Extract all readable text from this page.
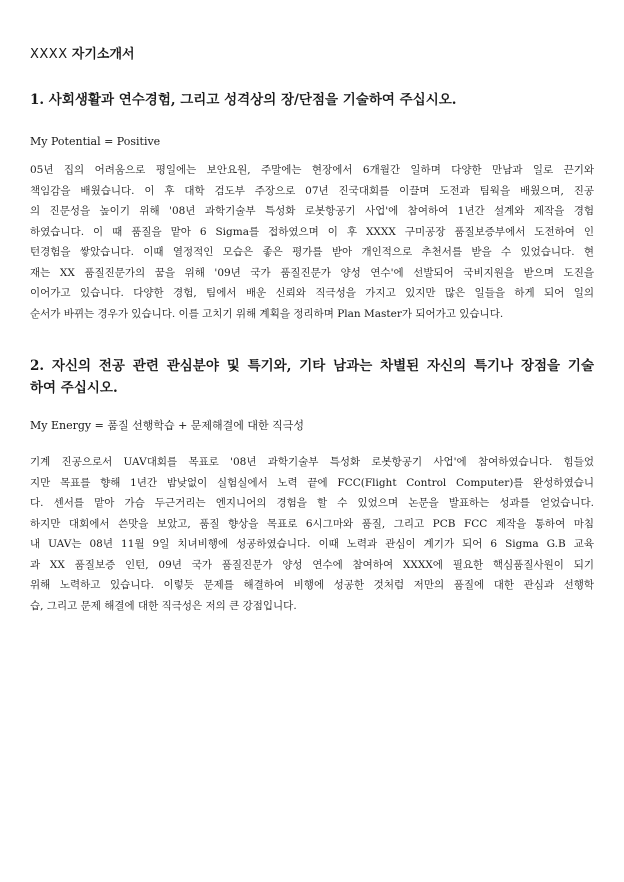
XXXX 자기소개서
1. 사회생활과 연수경험, 그리고 성격상의 장/단점을 기술하여 주십시오.
My Potential = Positive
05년 집의 어려움으로 평일에는 보안요원, 주말에는 현장에서 6개월간 일하며 다양한 만남과 일로 끈기와
책임감을 배웠습니다. 이 후 대학 검도부 주장으로 07년 진국대회를 이끌며 도전과 팀웍을 배웠으며, 진공
의 진문성을 높이기 위해 '08년 과학기술부 특성화 로봇항공기 사업'에 참여하여 1년간 설계와 제작을 경험
하였습니다. 이 때 품질을 맡아 6 Sigma를 접하였으며 이 후 XXXX 구미공장 품질보증부에서 도전하여 인
턴경험을 쌓았습니다. 이때 열정적인 모습은 좋은 평가를 받아 개인적으로 추천서를 받을 수 있었습니다. 현
재는 XX 품질진문가의 꿈을 위해 '09년 국가 품질진문가 양성 연수'에 선발되어 국비지원을 받으며 도진을
이어가고 있습니다. 다양한 경험, 팀에서 배운 신뢰와 직극성을 가지고 있지만 많은 일들을 하게 되어 일의
순서가 바뀌는 경우가 있습니다. 이를 고치기 위해 계획을 정리하며 Plan Master가 되어가고 있습니다.
2. 자신의 전공 관련 관심분야 및 특기와, 기타 남과는 차별된 자신의 특기나 장점을 기술
하여 주십시오.
My Energy = 품질 선행학습 + 문제해결에 대한 직극성
기계 진공으로서 UAV대회를 목표로 '08년 과학기술부 특성화 로봇항공기 사업'에 참여하였습니다. 힘들었
지만 목표를 향해 1년간 밤낮없이 실험실에서 노력 끝에 FCC(Flight Control Computer)를 완성하였습니
다. 센서를 맡아 가슴 두근거리는 엔지니어의 경험을 할 수 있었으며 논문을 발표하는 성과를 얻었습니다.
하지만 대회에서 쓴맛을 보았고, 품질 향상을 목표로 6시그마와 품질, 그리고 PCB FCC 제작을 통하여 마침
내 UAV는 08년 11월 9일 치녀비행에 성공하였습니다. 이때 노력과 관심이 계기가 되어 6 Sigma G.B 교육
과 XX 품질보증 인턴, 09년 국가 품질진문가 양성 연수에 참여하여 XXXX에 필요한 핵심품질사원이 되기
위해 노력하고 있습니다. 이렇듯 문제를 해결하여 비행에 성공한 것처럼 저만의 품질에 대한 관심과 선행학
습, 그리고 문제 해결에 대한 직극성은 저의 큰 강점입니다.
